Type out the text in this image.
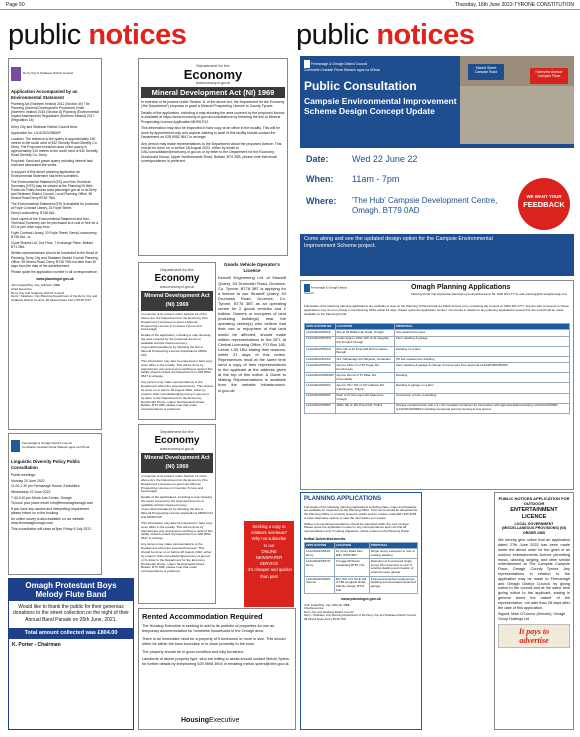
Page 50	Thursday, 16th June 2022-TYRONE CONSTITUTION
public notices	public notices
Derry City & Strabane District Council
Application Accompanied by an Environmental Statement

Planning Act (Northern Ireland) 2011 (Section 40) The Planning (General Development Procedure) Order (Northern Ireland) 2015 (Section 8) Planning (Environmental Impact Assessment) Regulations (Northern Ireland) 2017 (Regulation 18)

Derry City and Strabane District Council Area

Application No. LA11/2022/0508/F

Location: The entrance to the quarry is approximately 160 metres to the south west of 532 Glenelly Road Glenelly Co. Derry. The Proposed extraction area of the quarry is approximately 310 metres to the south west of 532 Glenelly Road Glenelly Co. Derry.

Proposal: Sand and gravel quarry including internal haul road and associated site works.

In support of this above planning application an Environmental Statement has been submitted.

The Environmental Statement (ES) and Non-Technical Summary (NTS) may be viewed at the Planning NI Web Portal via Public Access www.planningni.gov.uk or at Derry and Strabane District Council, Local Planning Office, 98 Strand Road Derry BT48 7NN.

The Environmental Statement (ES) is available for purchase at Foyle Contract Library, 33 Foyle Street, Derry/Londonderry, BT48 6AL.

Hard copies of the Environmental Statement and Non-Technical Summary can be purchased at a cost or free for a CD or pen drive copy from

Foyle Contract Library, 33 Foyle Street, Derry/Londonderry, BT48 6AL, or

Clyde Shanks Ltd, 2nd Floor, 7 Exchange Place, Belfast BT1 2NA

Written representations should be forwarded to the Head of Planning, Derry City and Strabane District Council Planning Office, 98 Strand Road, Derry, BT48 7NN not later than 30 days from the date of the advertisement.

Please quote the application number in all correspondence.

www.planningni.gov.uk
John Kelpie/Mrg. City, Hillmuth, MBE
Chief Executive
Derry City and Strabane District Council
Derry / Strabane: City Planning Department of the Derry City and Strabane District Council, 98 Strand Road, Derry BT48 7NN
Fermanagh & Omagh District Council
Comhairle Ceantair Fhear Manach agus na hÓmaí
Linguistic Diversity Policy Public Consultation
Public meetings:
Monday 20 June 2022
11.00-1.30 pm Fermanagh House, Enniskillen
Wednesday 22 June 2022
7.30-9.30 pm Strule Arts Centre, Omagh
To book your place email: info@fermanaghomagh.com
If you have any access and interpreting requirement please inform us in the booking.
An online survey is also available on our website www.fermanaghomagh.com
This consultation will close at 5pm Friday 8 July 2022.
Omagh Protestant Boys Melody Flute Band
Would like to thank the public for their generous donations to the street collection on the night of their Annual Band Parade on 26th June, 2021.
Total amount collected was £804.00
K. Porter - Chairman
Department for the
Economy
www.economy-ni.gov.uk
Mineral Development Act (NI) 1969

In exercise of its powers under Section 11 of the above Act, the Department for the Economy ('the Department') proposes to grant a Mineral Prospecting Licence to County Tyrone.

Details of the application, including a map showing the area covered by the proposed licence is available at https://www.economy-ni.gov.uk/consultations by following the link to Mineral Prospecting Licence Application MDPA F22.

This information may also be inspected in hard copy at an office in the locality. This will be done by appointment only and anyone wishing to avail of this facility should contact the Department on 028 9052 9617 to arrange.

Any person may make representations to the Department about the proposed licence. This should be done on or before 28 August 2022, either by email to GSU.consultation@economy-ni.gov.uk or by letter to the Department for the Economy, Dundonald House, Upper Newtownards Road, Belfast, BT4 3SB, please note that email correspondence is preferred.

Department for the
Economy
www.economy-ni.gov.uk
Mineral Development Act (NI) 1969

In exercise of its powers under Section 11 of the above Act, the Department for the Economy ('the Department') proposes to grant a Mineral Prospecting Licence in Counties Tyrone and Fermanagh.

Details of the application, including a map showing the area covered by the proposed licence is available at https://www.economy-ni.gov.uk/consultations by following the link to Mineral Prospecting Licence Applications MDPA F23.

This information may also be inspected in hard copy at an office in the locality. This will be done by appointment only and anyone wishing to avail of this facility should contact the Department on 028 9052 9617 to arrange.

Any person may make representations to the Department about the proposed licence. This should be done on or before 28 August 2022, either by email to GSU.consultation@economy-ni.gov.uk or by letter to the Department for the Economy, Dundonald House, Upper Newtownards Road, Belfast, BT4 3SB, please note that email correspondence is preferred.

Department for the
Economy
www.economy-ni.gov.uk
Mineral Development Act (NI) 1969

In exercise of its powers under Section 11 of the above Act, the Department for the Economy ('the Department') proposes to grant two Mineral Prospecting Licences in Counties Tyrone and Fermanagh.

Details of the applications, including a map showing the areas covered by the proposed licences is available at https://www.economy-ni.gov.uk/consultations by following the link to Mineral Prospecting Licence Applications MDPA F24 and MDPA F25.

This information may also be inspected in hard copy at an office in the locality. This will be done by appointment only and anyone wishing to avail of this facility should contact the Department on 028 9052 9617 to arrange.

Any person may make representations to the Department about the proposed licences. This should be done on or before 28 August 2022, either by email to GSU.consultation@economy-ni.gov.uk or by letter to the Department for the Economy, Dundonald House, Upper Newtownards Road, Belfast, BT4 3SB, please note that email correspondence is preferred.

Goods Vehicle Operator's Licence
Kenvell Engineering Ltd, of Stradoff Quarry, 94 Drumnish Road, Dromore, Co. Tyrone, BT78 3BT is applying for a licence to use Stradoff Quarry, 94 Drumnish Road, Dromore, Co. Tyrone, BT78 3BT as an operating centre for 2 goods vehicles and 2 trailers. Owners or occupiers of land (including buildings) near the operating centre(s) who believe that their use or enjoyment of that land would be affected, should make written representations to the DFI, at Central Licensing Office, PO Box 180, Leeds, LS9 1BU stating their reasons, within 21 days of this notice. Representors must at the same time send a copy of their representations to the applicant at the address given at the top of this notice. A Guide to Making Representations is available from the website Infrastructure-ni.gov.uk/
Seeking a copy to
relatives overseas?
Why not subscribe
to our
ONLINE
NEWSPAPER
SERVICE
- it's cheaper and quicker
than post
Rented Accommodation Required

The Housing Executive is seeking to add to its portfolio of properties for use as temporary accommodation for homeless households in the Omagh area.

There is an immediate need for a property of 5 bedrooms or more in size. This should either be within the town boundary or in close proximity to the town.

The property should be in good condition and fully furnished.

Landlords of above property type, who are willing to assist should contact Melvin Spiers for further details by telephoning 028 9598 3904 or emailing melvin.spiers@nihe.gov.uk.

HousingExecutive
Fermanagh & Omagh District Council
Comhairle Ceantair Fhear Manach agus na hÓmaí	Market Street Campsie Road	Holmview Avenue Campsie Place
Public Consultation
Campsie Environmental Improvement Scheme Design Concept Update
Date:	Wed 22 June 22
When: 11am - 7pm
Where: 'The Hub' Campsie Development Centre, Omagh. BT79 0AD
WE WANT YOUR
FEEDBACK
Come along and see the updated design option for the Campsie Environmental Improvement Scheme project.
Fermanagh & Omagh District Council
Omagh Planning Applications
Planning Portal: http://epicpublic.planningni.gov.uk/publicaccess/ Tel: 0300 303 1777 E-mail: planning@fermanaghomagh.com
Full details of the following planning applications are available to view on the Planning NI Web Portal via Public Access or by contacting the Council on 0300 303 1777. Anyone with comments on these applications may do so in writing to the Planning Office within 14 days. Please quote the application number. Comments in relation to any planning applications received by the council will be made available on the Planning Portal.
APPLICATION NO	LOCATION	PROPOSAL
LA10/2022/0530/F	Site at 45 Ballyrenan Road, Omagh	Two detached houses
LA10/2022/0578/O	Lands approx 100m NW of 44 Vaughan Rd, Dregish Omagh	Farm dwelling & garage
LA10/2022/0591/O	60m NE of 40 Drumduff Rd Formaskin, Beragh	Dwelling on a farm
LA10/2022/0613/F	112 Tubbaniagh Rd Tattykeel, Gortaclare	Off site replacement dwelling
LA10/2022/0625/F	Approx 100m N of 38 Tirgan Rd, Knockmoyle	Farm dwelling & garage & change of house type from approval LA10/2018/0456/RM
LA10/2022/0638/RM	Approx 20m E of 57 Killen Rd, Drumnakilly	Dwelling
LA10/2022/0639/F	Approx 70m SW of 167 Gallows Rd, Carrickmore, Tullyrin	Dwelling & garage on a farm
LA10/2022/0649/F	Rear of 67 Drumquin Rd Sedenone Omagh	Conversion of barn to dwelling
LA10/2022/0658/F	480m NE of 181 Plumb Rd, Tullick	Storage container/store with a 2 x 40' insulated containers for Association with agricultural/land Holding LA10/2014/0098/F (LA10/2016/0098/F) including compound security fencing & new access
PLANNING APPLICATIONS
Full details of the following planning applications including plans, maps and drawings are available for inspection at the Planning Office. Comments should be advertised at the Planning Office or currently closed to public access, please email 028 7125 3253 to have alternative options to view the information you require.
Written comments/representations should be submitted within the next 14 days. Please quote the application number in any correspondence and note that all representations and, if making objections, will be posted on the Planning Portal.
Initial Advertisements
APPLICATION	LOCATION	PROPOSAL
LA11/2022/0564/F Derry	10 Urney Road Sion Mills, BT82 9RT	Single storey extension to rear of existing dwelling
LA11/2022/0537/F Derry	3 Foggerhill Road Castlederg BT81 7HL	Retention of & proposed single storey 15m extension to rear of existing dwelling and creation of external mews garage
LA11/2022/0548/F Spence	60m SW of 5 North Hill of 180 Longland Road, Claudy, Claudy, BT47 4JG	Proposed detached replacement dwelling and associated detached garage
www.planningni.gov.uk
John Kelpie/Mrg. City, Hillmuth, MBE
Chief Executive
Derry City and Strabane District Council
Derry / Strabane: City Planning Department of the Derry City and Strabane District Council, 98 Strand Road, Derry BT48 7NN
PUBLIC NOTICES APPLICATION FOR OUTDOOR
ENTERTAINMENT LICENCE
LOCAL GOVERNMENT (MISCELLANEOUS PROVISIONS) (NI) ORDER 1985
We hereby give notice that an application dated 27th June 2022 has been made under the above order for the grant of an outdoor entertainments licence permitting music, dancing, singing, and other similar entertainment at The Campsie Campsie Place, Omagh, County Tyrone. Any representations in relation to the application may be made to Fermanagh and Omagh District Council, by giving notice to the council and at the same time giving notice to the applicant, stating in general terms the nature of the representation, not later than 28 days after the date of this application.
Signed: Mark O'Connor (Director), Omagh Group Holdings Ltd
It pays to
advertise
